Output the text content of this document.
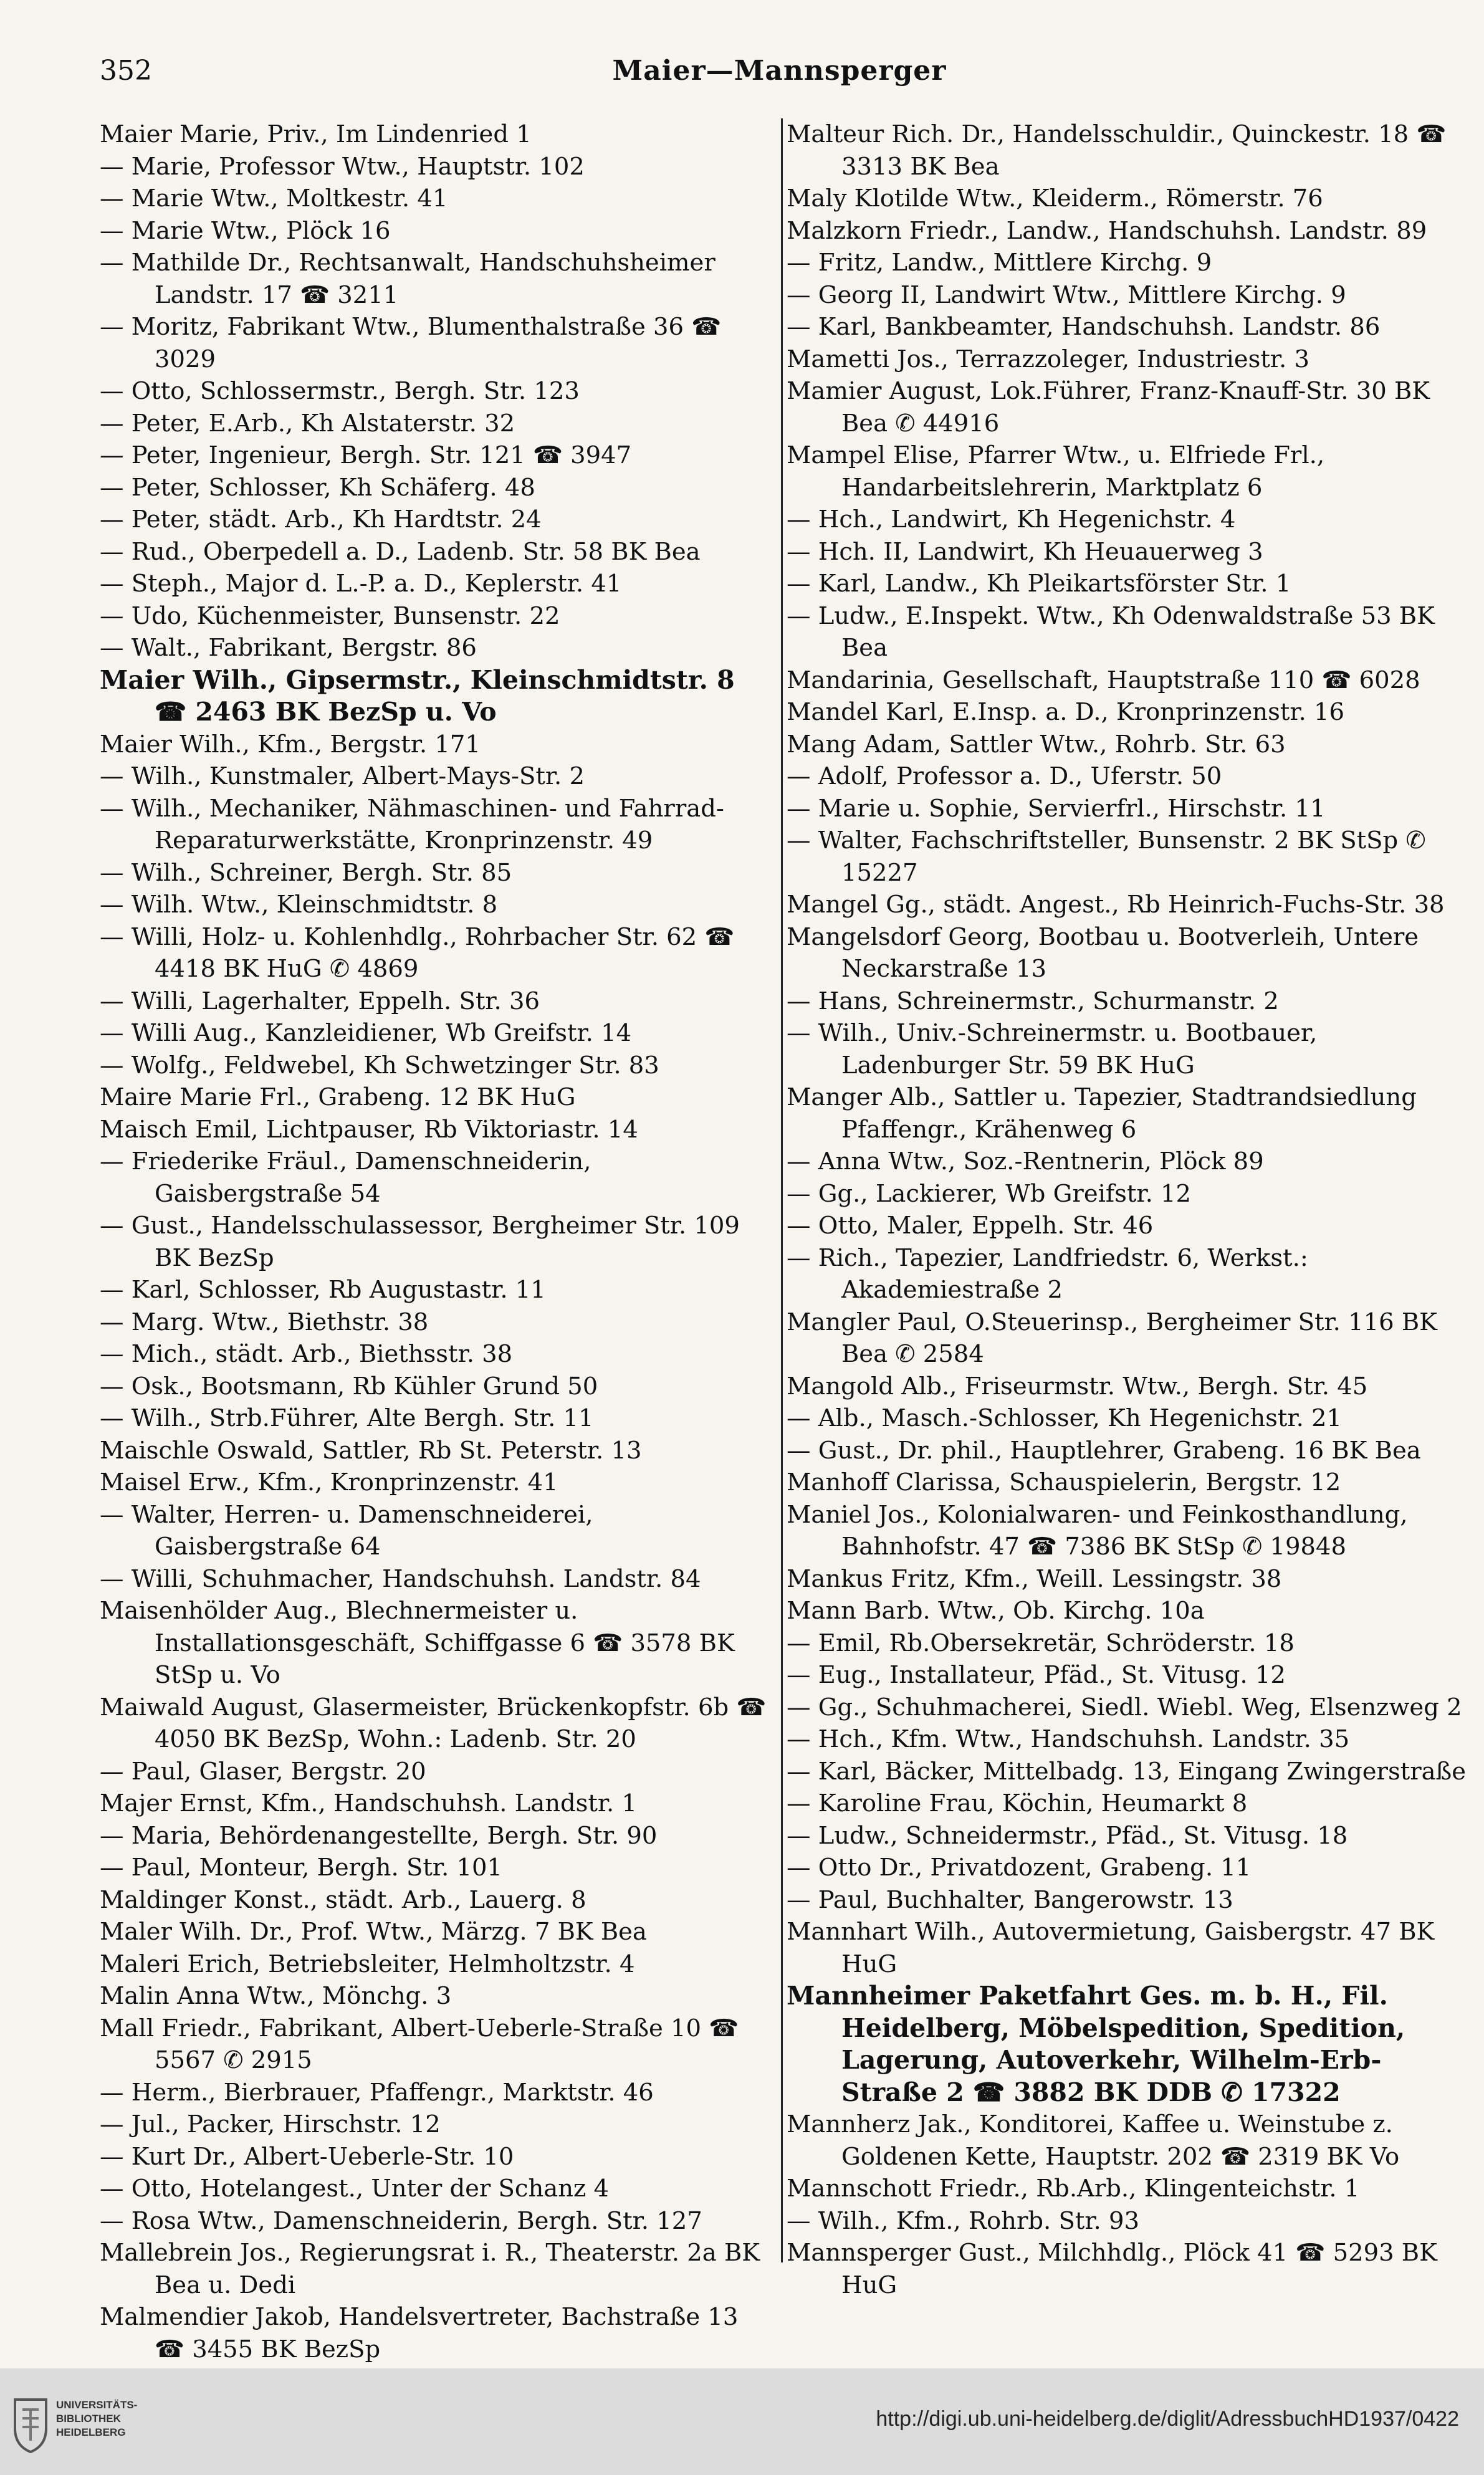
352	Maier—Mannsperger
Maier Marie, Priv., Im Lindenried 1
— Marie, Professor Wtw., Hauptstr. 102
— Marie Wtw., Moltkestr. 41
— Marie Wtw., Plöck 16
— Mathilde Dr., Rechtsanwalt, Handschuhsheimer Landstr. 17 ☎ 3211
— Moritz, Fabrikant Wtw., Blumenthalstraße 36 ☎ 3029
— Otto, Schlossermstr., Bergh. Str. 123
— Peter, E.Arb., Kh Alstaterstr. 32
— Peter, Ingenieur, Bergh. Str. 121 ☎ 3947
— Peter, Schlosser, Kh Schäferg. 48
— Peter, städt. Arb., Kh Hardtstr. 24
— Rud., Oberpedell a. D., Ladenb. Str. 58 BK Bea
— Steph., Major d. L.-P. a. D., Keplerstr. 41
— Udo, Küchenmeister, Bunsenstr. 22
— Walt., Fabrikant, Bergstr. 86
Maier Wilh., Gipsermstr., Kleinschmidtstr. 8 ☎ 2463 BK BezSp u. Vo
Maier Wilh., Kfm., Bergstr. 171
— Wilh., Kunstmaler, Albert-Mays-Str. 2
— Wilh., Mechaniker, Nähmaschinen- und Fahrrad-Reparaturwerkstätte, Kronprinzenstr. 49
— Wilh., Schreiner, Bergh. Str. 85
— Wilh. Wtw., Kleinschmidtstr. 8
— Willi, Holz- u. Kohlenhdlg., Rohrbacher Str. 62 ☎ 4418 BK HuG ✆ 4869
— Willi, Lagerhalter, Eppelh. Str. 36
— Willi Aug., Kanzleidiener, Wb Greifstr. 14
— Wolfg., Feldwebel, Kh Schwetzinger Str. 83
Maire Marie Frl., Grabeng. 12 BK HuG
Maisch Emil, Lichtpauser, Rb Viktoriastr. 14
— Friederike Fräul., Damenschneiderin, Gaisbergstraße 54
— Gust., Handelsschulassessor, Bergheimer Str. 109 BK BezSp
— Karl, Schlosser, Rb Augustastr. 11
— Marg. Wtw., Biethstr. 38
— Mich., städt. Arb., Biethsstr. 38
— Osk., Bootsmann, Rb Kühler Grund 50
— Wilh., Strb.Führer, Alte Bergh. Str. 11
Maischle Oswald, Sattler, Rb St. Peterstr. 13
Maisel Erw., Kfm., Kronprinzenstr. 41
— Walter, Herren- u. Damenschneiderei, Gaisbergstraße 64
— Willi, Schuhmacher, Handschuhsh. Landstr. 84
Maisenhölder Aug., Blechnermeister u. Installationsgeschäft, Schiffgasse 6 ☎ 3578 BK StSp u. Vo
Maiwald August, Glasermeister, Brückenkopfstr. 6b ☎ 4050 BK BezSp, Wohn.: Ladenb. Str. 20
— Paul, Glaser, Bergstr. 20
Majer Ernst, Kfm., Handschuhsh. Landstr. 1
— Maria, Behördenangestellte, Bergh. Str. 90
— Paul, Monteur, Bergh. Str. 101
Maldinger Konst., städt. Arb., Lauerg. 8
Maler Wilh. Dr., Prof. Wtw., Märzg. 7 BK Bea
Maleri Erich, Betriebsleiter, Helmholtzstr. 4
Malin Anna Wtw., Mönchg. 3
Mall Friedr., Fabrikant, Albert-Ueberle-Straße 10 ☎ 5567 ✆ 2915
— Herm., Bierbrauer, Pfaffengr., Marktstr. 46
— Jul., Packer, Hirschstr. 12
— Kurt Dr., Albert-Ueberle-Str. 10
— Otto, Hotelangest., Unter der Schanz 4
— Rosa Wtw., Damenschneiderin, Bergh. Str. 127
Mallebrein Jos., Regierungsrat i. R., Theaterstr. 2a BK Bea u. Dedi
Malmendier Jakob, Handelsvertreter, Bachstraße 13 ☎ 3455 BK BezSp
Malteur Rich. Dr., Handelsschuldir., Quinckestr. 18 ☎ 3313 BK Bea
Maly Klotilde Wtw., Kleiderm., Römerstr. 76
Malzkorn Friedr., Landw., Handschuhsh. Landstr. 89
— Fritz, Landw., Mittlere Kirchg. 9
— Georg II, Landwirt Wtw., Mittlere Kirchg. 9
— Karl, Bankbeamter, Handschuhsh. Landstr. 86
Mametti Jos., Terrazzoleger, Industriestr. 3
Mamier August, Lok.Führer, Franz-Knauff-Str. 30 BK Bea ✆ 44916
Mampel Elise, Pfarrer Wtw., u. Elfriede Frl., Handarbeitslehrerin, Marktplatz 6
— Hch., Landwirt, Kh Hegenichstr. 4
— Hch. II, Landwirt, Kh Heuauerweg 3
— Karl, Landw., Kh Pleikartsförster Str. 1
— Ludw., E.Inspekt. Wtw., Kh Odenwaldstraße 53 BK Bea
Mandarinia, Gesellschaft, Hauptstraße 110 ☎ 6028
Mandel Karl, E.Insp. a. D., Kronprinzenstr. 16
Mang Adam, Sattler Wtw., Rohrb. Str. 63
— Adolf, Professor a. D., Uferstr. 50
— Marie u. Sophie, Servierfrl., Hirschstr. 11
— Walter, Fachschriftsteller, Bunsenstr. 2 BK StSp ✆ 15227
Mangel Gg., städt. Angest., Rb Heinrich-Fuchs-Str. 38
Mangelsdorf Georg, Bootbau u. Bootverleih, Untere Neckarstraße 13
— Hans, Schreinermstr., Schurmanstr. 2
— Wilh., Univ.-Schreinermstr. u. Bootbauer, Ladenburger Str. 59 BK HuG
Manger Alb., Sattler u. Tapezier, Stadtrandsiedlung Pfaffengr., Krähenweg 6
— Anna Wtw., Soz.-Rentnerin, Plöck 89
— Gg., Lackierer, Wb Greifstr. 12
— Otto, Maler, Eppelh. Str. 46
— Rich., Tapezier, Landfriedstr. 6, Werkst.: Akademiestraße 2
Mangler Paul, O.Steuerinsp., Bergheimer Str. 116 BK Bea ✆ 2584
Mangold Alb., Friseurmstr. Wtw., Bergh. Str. 45
— Alb., Masch.-Schlosser, Kh Hegenichstr. 21
— Gust., Dr. phil., Hauptlehrer, Grabeng. 16 BK Bea
Manhoff Clarissa, Schauspielerin, Bergstr. 12
Maniel Jos., Kolonialwaren- und Feinkosthandlung, Bahnhofstr. 47 ☎ 7386 BK StSp ✆ 19848
Mankus Fritz, Kfm., Weill. Lessingstr. 38
Mann Barb. Wtw., Ob. Kirchg. 10a
— Emil, Rb.Obersekretär, Schröderstr. 18
— Eug., Installateur, Pfäd., St. Vitusg. 12
— Gg., Schuhmacherei, Siedl. Wiebl. Weg, Elsenzweg 2
— Hch., Kfm. Wtw., Handschuhsh. Landstr. 35
— Karl, Bäcker, Mittelbadg. 13, Eingang Zwingerstraße
— Karoline Frau, Köchin, Heumarkt 8
— Ludw., Schneidermstr., Pfäd., St. Vitusg. 18
— Otto Dr., Privatdozent, Grabeng. 11
— Paul, Buchhalter, Bangerowstr. 13
Mannhart Wilh., Autovermietung, Gaisbergstr. 47 BK HuG
Mannheimer Paketfahrt Ges. m. b. H., Fil. Heidelberg, Möbelspedition, Spedition, Lagerung, Autoverkehr, Wilhelm-Erb-Straße 2 ☎ 3882 BK DDB ✆ 17322
Mannherz Jak., Konditorei, Kaffee u. Weinstube z. Goldenen Kette, Hauptstr. 202 ☎ 2319 BK Vo
Mannschott Friedr., Rb.Arb., Klingenteichstr. 1
— Wilh., Kfm., Rohrb. Str. 93
Mannsperger Gust., Milchhdlg., Plöck 41 ☎ 5293 BK HuG
UNIVERSITÄTS-
BIBLIOTHEK
HEIDELBERG
http://digi.ub.uni-heidelberg.de/diglit/AdressbuchHD1937/0422
